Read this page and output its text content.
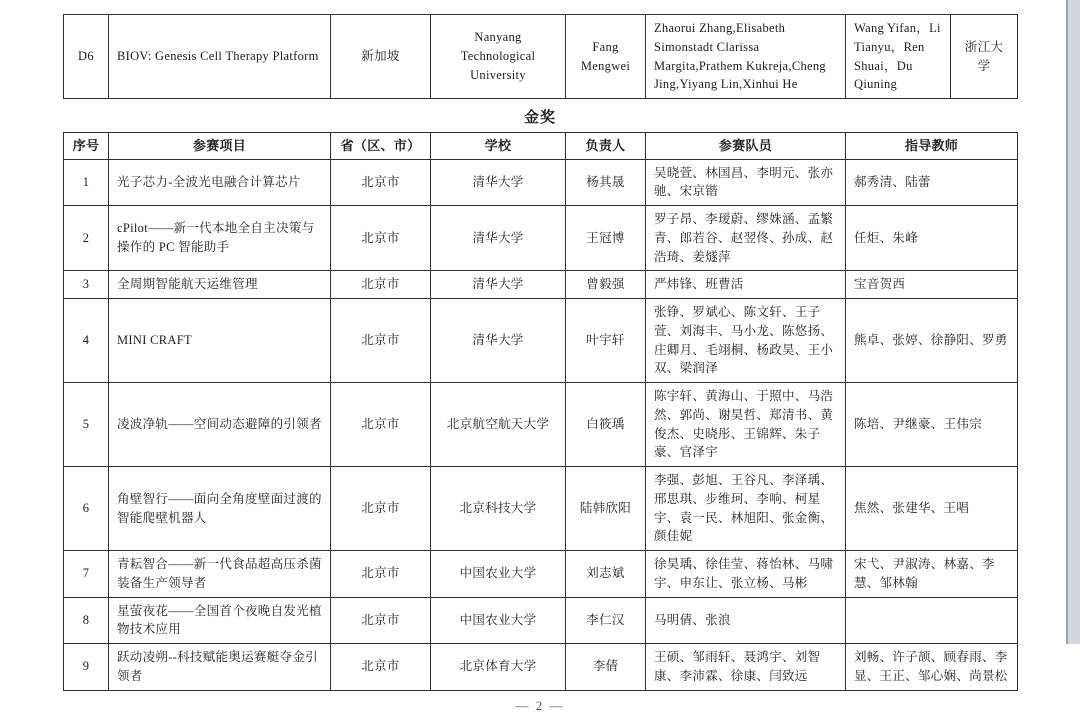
D6	BIOV: Genesis Cell Therapy Platform	新加坡	Nanyang Technological University	Fang Mengwei	Zhaorui Zhang,Elisabeth Simonstadt Clarissa Margita,Prathem Kukreja,Cheng Jing,Yiyang Lin,Xinhui He	Wang Yifan，Li Tianyu，Ren Shuai，Du Qiuning	浙江大学
金奖
序号	参赛项目	省（区、市）	学校	负责人	参赛队员	指导教师
1	光子芯力-全波光电融合计算芯片	北京市	清华大学	杨其晟	吴晓萱、林国昌、李明元、张亦驰、宋京锴	郝秀清、陆蕾
2	cPilot——新一代本地全自主决策与操作的 PC 智能助手	北京市	清华大学	王冠博	罗子昂、李瑷蔚、缪姝涵、孟繁青、郎若谷、赵翌佟、孙成、赵浩琦、姜燧萍	任炬、朱峰
3	全周期智能航天运维管理	北京市	清华大学	曾毅强	严炜锋、班曹活	宝音贺西
4	MINI CRAFT	北京市	清华大学	叶宇轩	张铮、罗斌心、陈文轩、王子萱、刘海丰、马小龙、陈悠扬、庄卿月、毛翊桐、杨政昊、王小双、梁润泽	熊卓、张婷、徐静阳、罗勇
5	凌波净轨——空间动态避障的引领者	北京市	北京航空航天大学	白筱瑀	陈宇轩、黄海山、于照中、马浩然、郭尚、谢昊哲、郑清书、黄俊杰、史晓彤、王锦辉、朱子豪、官泽宇	陈培、尹继豪、王伟宗
6	角壁智行——面向全角度壁面过渡的智能爬壁机器人	北京市	北京科技大学	陆韩欣阳	李强、彭旭、王谷凡、李泽瑀、邢思琪、步维珂、李响、柯星宇、袁一民、林旭阳、张金衡、颜佳妮	焦然、张建华、王唱
7	青耘智合——新一代食品超高压杀菌装备生产领导者	北京市	中国农业大学	刘志斌	徐昊瑀、徐佳莹、蒋怡林、马啸宇、申东让、张立杨、马彬	宋弋、尹淑涛、林嘉、李慧、邹林翰
8	星萤夜花——全国首个夜晚自发光植物技术应用	北京市	中国农业大学	李仁汉	马明倩、张浪	
9	跃动凌朔--科技赋能奥运赛艇夺金引领者	北京市	北京体育大学	李倩	王硕、邹雨轩、聂鸿宇、刘智康、李沛霖、徐康、闫致远	刘畅、许子颉、顾春雨、李显、王正、邹心娴、尚景松
— 2 —
